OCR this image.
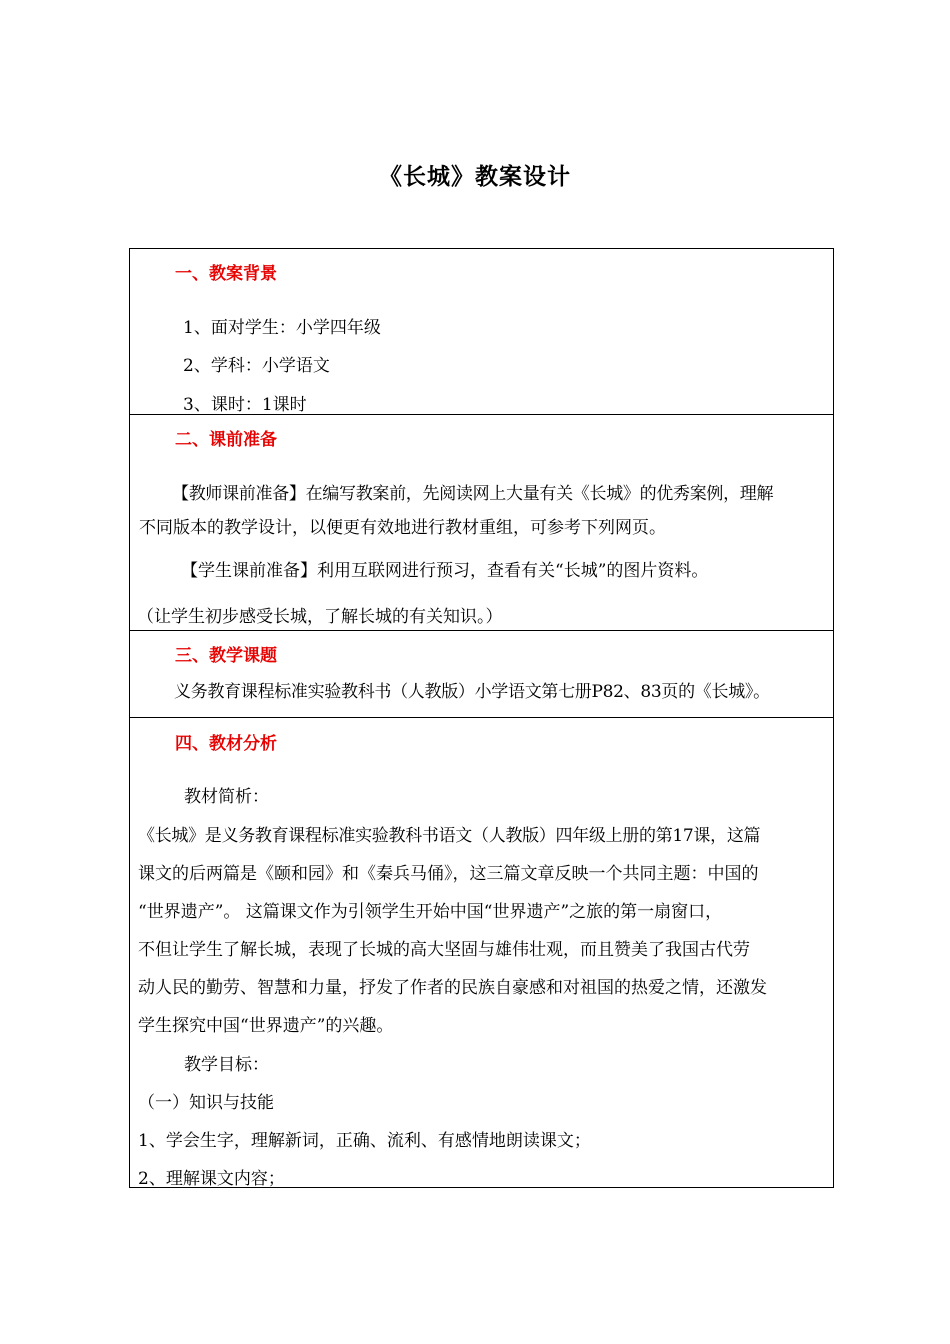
《长城》教案设计
一、教案背景
1、面对学生：小学四年级
2、学科：小学语文
3、课时：1课时
二、课前准备
【教师课前准备】在编写教案前，先阅读网上大量有关《长城》的优秀案例，理解
不同版本的教学设计，以便更有效地进行教材重组，可参考下列网页。
【学生课前准备】利用互联网进行预习，查看有关“长城”的图片资料。
（让学生初步感受长城，了解长城的有关知识。）
三、教学课题
义务教育课程标准实验教科书（人教版）小学语文第七册P82、83页的《长城》。
四、教材分析
教材简析：
《长城》是义务教育课程标准实验教科书语文（人教版）四年级上册的第17课，这篇
课文的后两篇是《颐和园》和《秦兵马俑》，这三篇文章反映一个共同主题：中国的
“世界遗产”。 这篇课文作为引领学生开始中国“世界遗产”之旅的第一扇窗口，
不但让学生了解长城，表现了长城的高大坚固与雄伟壮观，而且赞美了我国古代劳
动人民的勤劳、智慧和力量，抒发了作者的民族自豪感和对祖国的热爱之情，还激发
学生探究中国“世界遗产”的兴趣。
教学目标：
（一）知识与技能
1、学会生字，理解新词，正确、流利、有感情地朗读课文；
2、理解课文内容；
